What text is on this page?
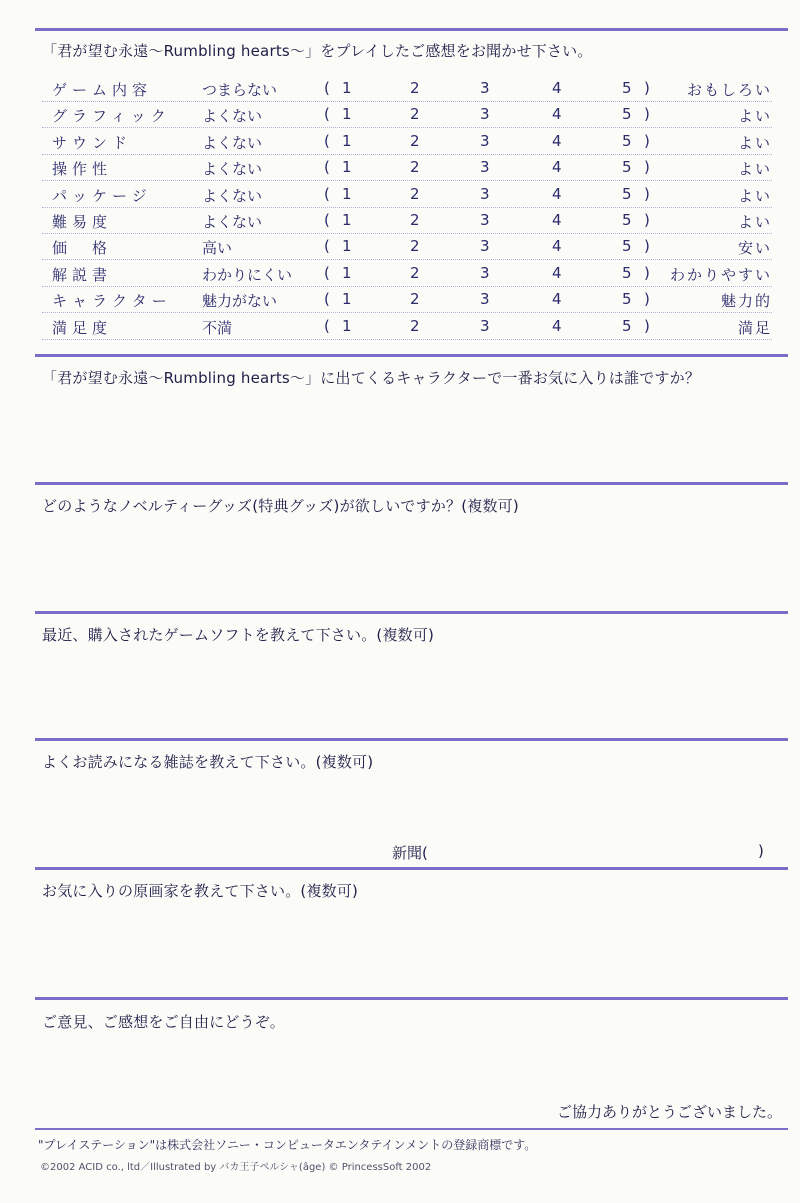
「君が望む永遠〜Rumbling hearts〜」をプレイしたご感想をお聞かせ下さい。
ゲーム内容	つまらない	( 1	2	3	4	5 ) おもしろい
グラフィック よくない	( 1	2	3	4	5 )	よい
サウンド	よくない	( 1	2	3	4	5 )	よい
操作性	よくない	( 1	2	3	4	5 )	よい
パッケージ	よくない	( 1	2	3	4	5 )	よい
難易度	よくない	( 1	2	3	4	5 )	よい
価　格	高い	( 1	2	3	4	5 )	安い
解説書	わかりにくい ( 1	2	3	4	5 ) わかりやすい
キャラクター 魅力がない	( 1	2	3	4	5 )	魅力的
満足度	不満	( 1	2	3	4	5 )	満足
「君が望む永遠〜Rumbling hearts〜」に出てくるキャラクターで一番お気に入りは誰ですか？
どのようなノベルティーグッズ(特典グッズ)が欲しいですか？(複数可)
最近、購入されたゲームソフトを教えて下さい。(複数可)
よくお読みになる雑誌を教えて下さい。(複数可)
新聞(	)
お気に入りの原画家を教えて下さい。(複数可)
ご意見、ご感想をご自由にどうぞ。
ご協力ありがとうございました。
"プレイステーション"は株式会社ソニー・コンピュータエンタテインメントの登録商標です。
©2002 ACID co., ltd／Illustrated by バカ王子ペルシャ(âge) © PrincessSoft 2002
